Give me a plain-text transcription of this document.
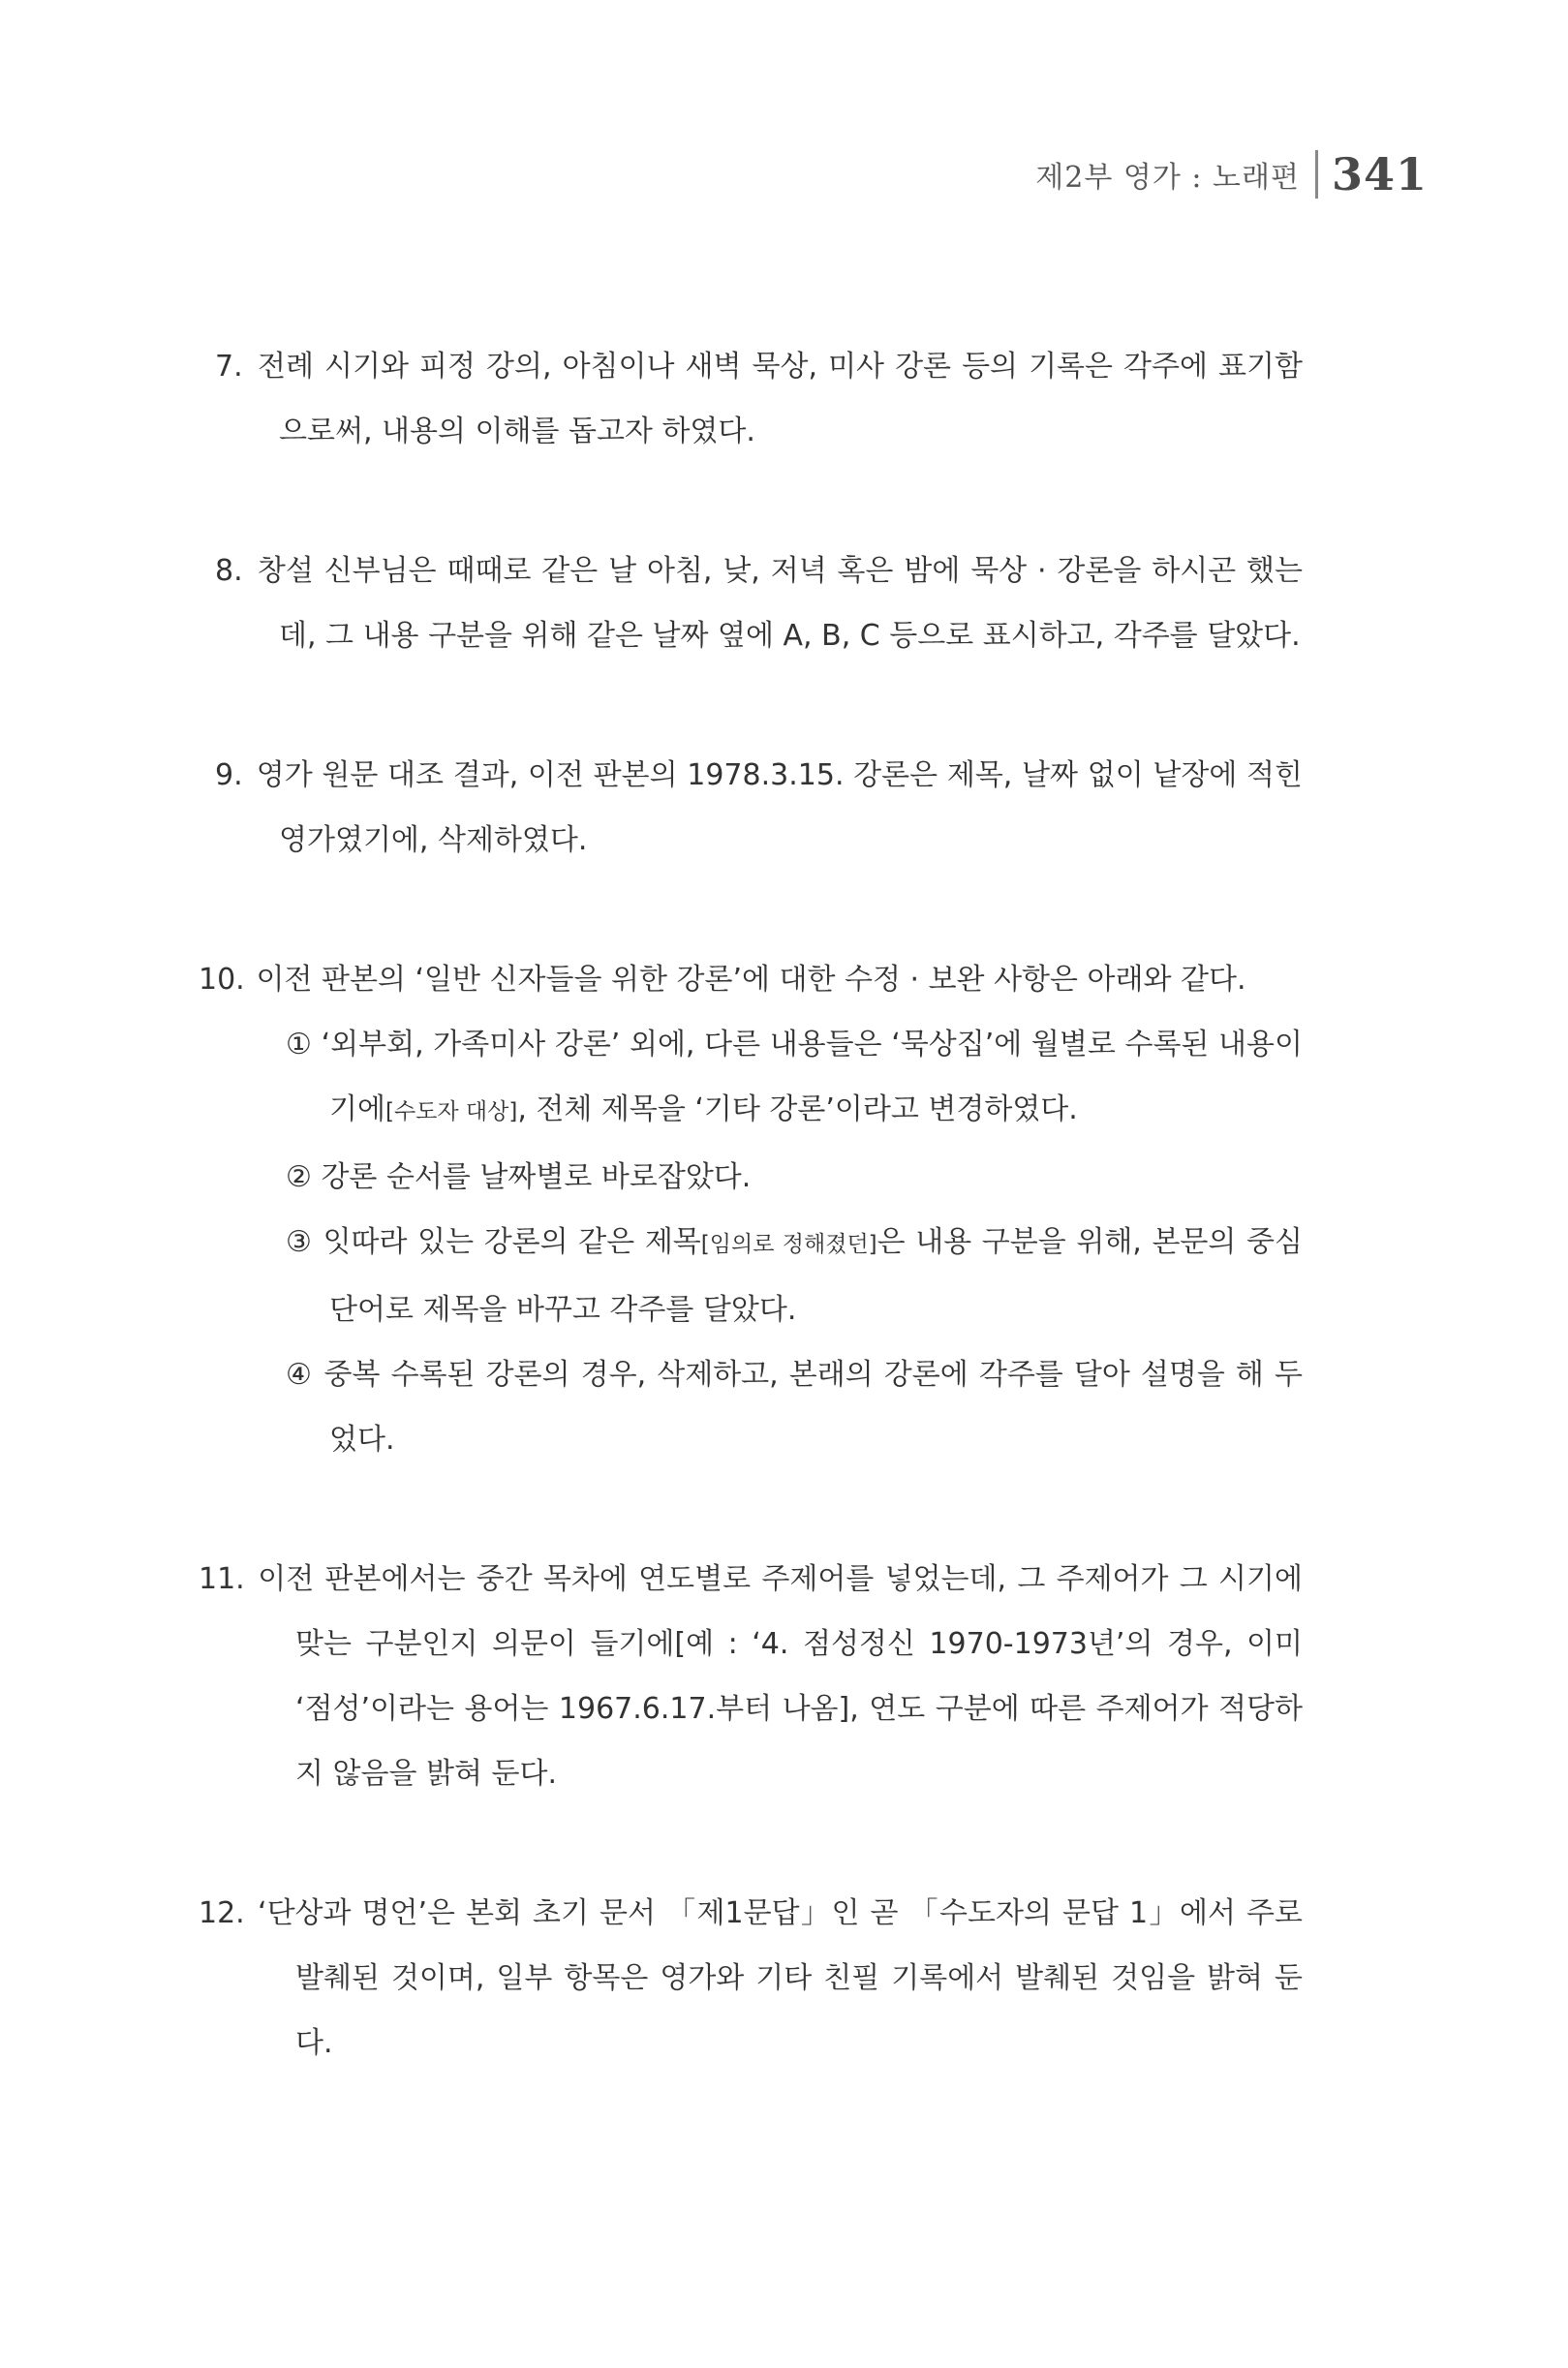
제2부 영가 : 노래편 341

7. 전례 시기와 피정 강의, 아침이나 새벽 묵상, 미사 강론 등의 기록은 각주에 표기함으로써, 내용의 이해를 돕고자 하였다.

8. 창설 신부님은 때때로 같은 날 아침, 낮, 저녁 혹은 밤에 묵상 · 강론을 하시곤 했는데, 그 내용 구분을 위해 같은 날짜 옆에 A, B, C 등으로 표시하고, 각주를 달았다.

9. 영가 원문 대조 결과, 이전 판본의 1978.3.15. 강론은 제목, 날짜 없이 낱장에 적힌 영가였기에, 삭제하였다.

10. 이전 판본의 ‘일반 신자들을 위한 강론’에 대한 수정 · 보완 사항은 아래와 같다.

① ‘외부회, 가족미사 강론’ 외에, 다른 내용들은 ‘묵상집’에 월별로 수록된 내용이기에[수도자 대상], 전체 제목을 ‘기타 강론’이라고 변경하였다.

② 강론 순서를 날짜별로 바로잡았다.

③ 잇따라 있는 강론의 같은 제목[임의로 정해졌던]은 내용 구분을 위해, 본문의 중심 단어로 제목을 바꾸고 각주를 달았다.

④ 중복 수록된 강론의 경우, 삭제하고, 본래의 강론에 각주를 달아 설명을 해 두었다.

11. 이전 판본에서는 중간 목차에 연도별로 주제어를 넣었는데, 그 주제어가 그 시기에 맞는 구분인지 의문이 들기에[예 : ‘4. 점성정신 1970-1973년’의 경우, 이미 ‘점성’이라는 용어는 1967.6.17.부터 나옴], 연도 구분에 따른 주제어가 적당하지 않음을 밝혀 둔다.

12. ‘단상과 명언’은 본회 초기 문서 「제1문답」인 곧 「수도자의 문답 1」에서 주로 발췌된 것이며, 일부 항목은 영가와 기타 친필 기록에서 발췌된 것임을 밝혀 둔다.
